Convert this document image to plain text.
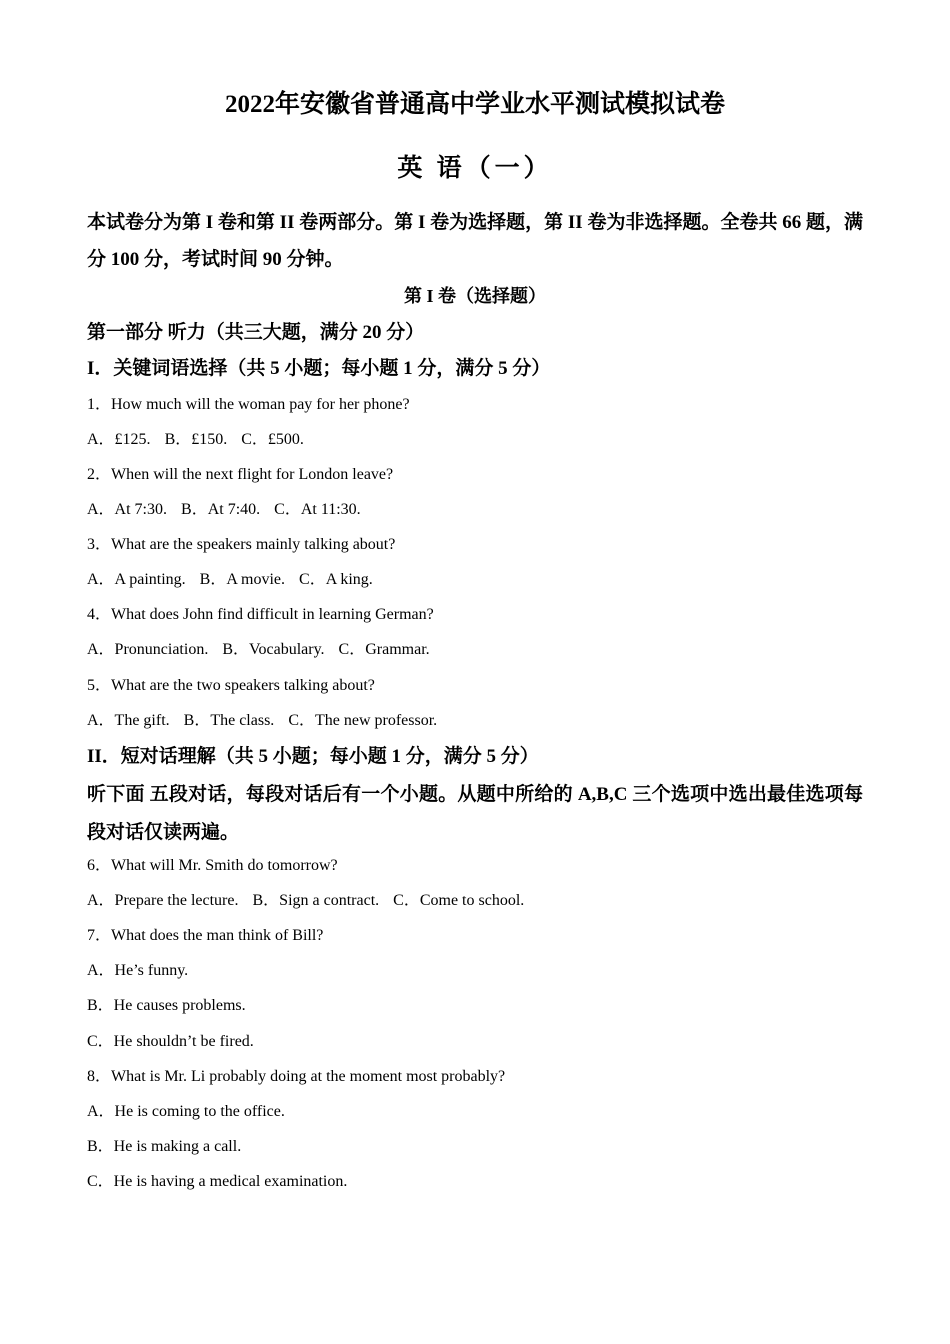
2022年安徽省普通高中学业水平测试模拟试卷
英 语（一）
本试卷分为第 I 卷和第 II 卷两部分。第 I 卷为选择题，第 II 卷为非选择题。全卷共 66 题，满分 100 分，考试时间 90 分钟。
第 I 卷（选择题）
第一部分 听力（共三大题，满分 20 分）
I．关键词语选择（共 5 小题；每小题 1 分，满分 5 分）
1．How much will the woman pay for her phone?
A．£125. B．£150. C．£500.
2．When will the next flight for London leave?
A．At 7:30. B．At 7:40. C．At 11:30.
3．What are the speakers mainly talking about?
A．A painting. B．A movie. C．A king.
4．What does John find difficult in learning German?
A．Pronunciation. B．Vocabulary. C．Grammar.
5．What are the two speakers talking about?
A．The gift. B．The class. C．The new professor.
II．短对话理解（共 5 小题；每小题 1 分，满分 5 分）
听下面 五段对话，每段对话后有一个小题。从题中所给的 A,B,C 三个选项中选出最佳选项每段对话仅读两遍。
6．What will Mr. Smith do tomorrow?
A．Prepare the lecture. B．Sign a contract. C．Come to school.
7．What does the man think of Bill?
A．He’s funny.
B．He causes problems.
C．He shouldn’t be fired.
8．What is Mr. Li probably doing at the moment most probably?
A．He is coming to the office.
B．He is making a call.
C．He is having a medical examination.
